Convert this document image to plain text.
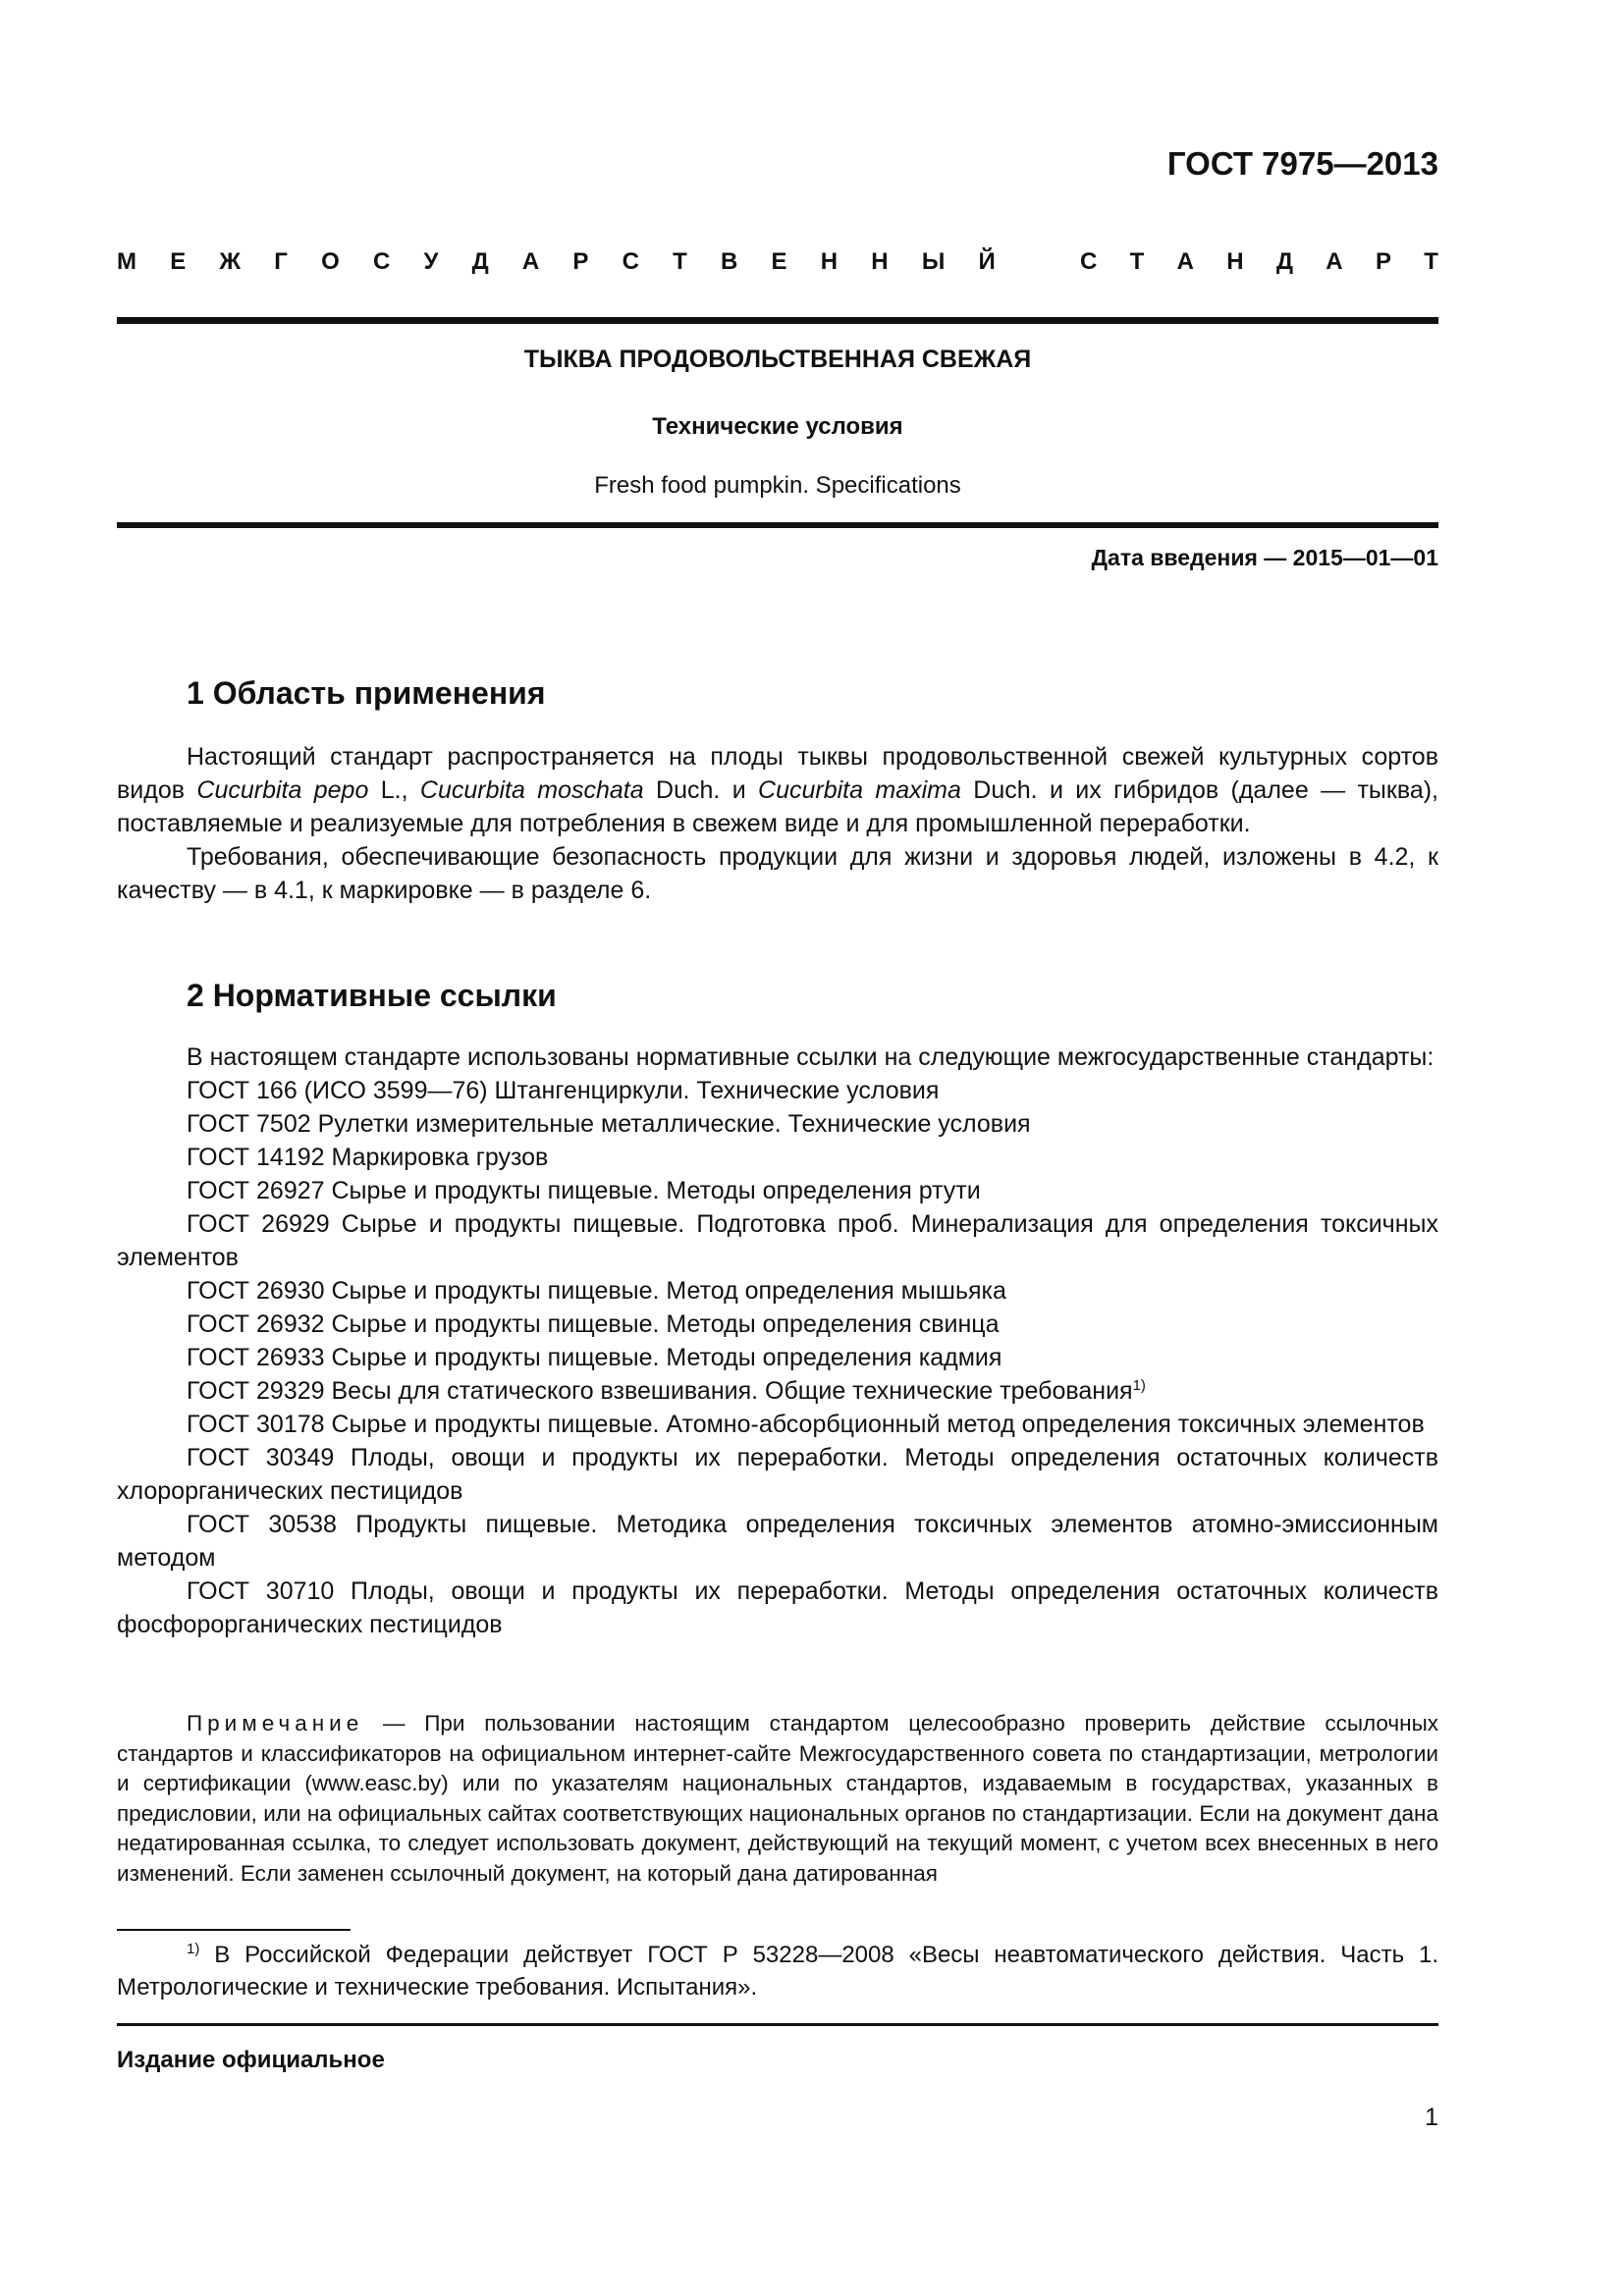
ГОСТ 7975—2013
М Е Ж Г О С У Д А Р С Т В Е Н Н Ы Й	С Т А Н Д А Р Т
ТЫКВА ПРОДОВОЛЬСТВЕННАЯ СВЕЖАЯ
Технические условия
Fresh food pumpkin. Specifications
Дата введения — 2015—01—01
1 Область применения

Настоящий стандарт распространяется на плоды тыквы продовольственной свежей культурных сортов видов Cucurbita pepo L., Cucurbita moschata Duch. и Cucurbita maxima Duch. и их гибридов (далее — тыква), поставляемые и реализуемые для потребления в свежем виде и для промышленной переработки.

Требования, обеспечивающие безопасность продукции для жизни и здоровья людей, изложены в 4.2, к качеству — в 4.1, к маркировке — в разделе 6.

2 Нормативные ссылки

В настоящем стандарте использованы нормативные ссылки на следующие межгосударственные стандарты:

ГОСТ 166 (ИСО 3599—76) Штангенциркули. Технические условия

ГОСТ 7502 Рулетки измерительные металлические. Технические условия

ГОСТ 14192 Маркировка грузов

ГОСТ 26927 Сырье и продукты пищевые. Методы определения ртути

ГОСТ 26929 Сырье и продукты пищевые. Подготовка проб. Минерализация для определения токсичных элементов

ГОСТ 26930 Сырье и продукты пищевые. Метод определения мышьяка

ГОСТ 26932 Сырье и продукты пищевые. Методы определения свинца

ГОСТ 26933 Сырье и продукты пищевые. Методы определения кадмия

ГОСТ 29329 Весы для статического взвешивания. Общие технические требования$^{1)}$

ГОСТ 30178 Сырье и продукты пищевые. Атомно-абсорбционный метод определения токсичных элементов

ГОСТ 30349 Плоды, овощи и продукты их переработки. Методы определения остаточных количеств хлорорганических пестицидов

ГОСТ 30538 Продукты пищевые. Методика определения токсичных элементов атомно-эмиссионным методом

ГОСТ 30710 Плоды, овощи и продукты их переработки. Методы определения остаточных количеств фосфорорганических пестицидов

Примечание — При пользовании настоящим стандартом целесообразно проверить действие ссылочных стандартов и классификаторов на официальном интернет-сайте Межгосударственного совета по стандартизации, метрологии и сертификации (www.easc.by) или по указателям национальных стандартов, издаваемым в государствах, указанных в предисловии, или на официальных сайтах соответствующих национальных органов по стандартизации. Если на документ дана недатированная ссылка, то следует использовать документ, действующий на текущий момент, с учетом всех внесенных в него изменений. Если заменен ссылочный документ, на который дана датированная

$^{1)}$ В Российской Федерации действует ГОСТ Р 53228—2008 «Весы неавтоматического действия. Часть 1. Метрологические и технические требования. Испытания».

Издание официальное
1
